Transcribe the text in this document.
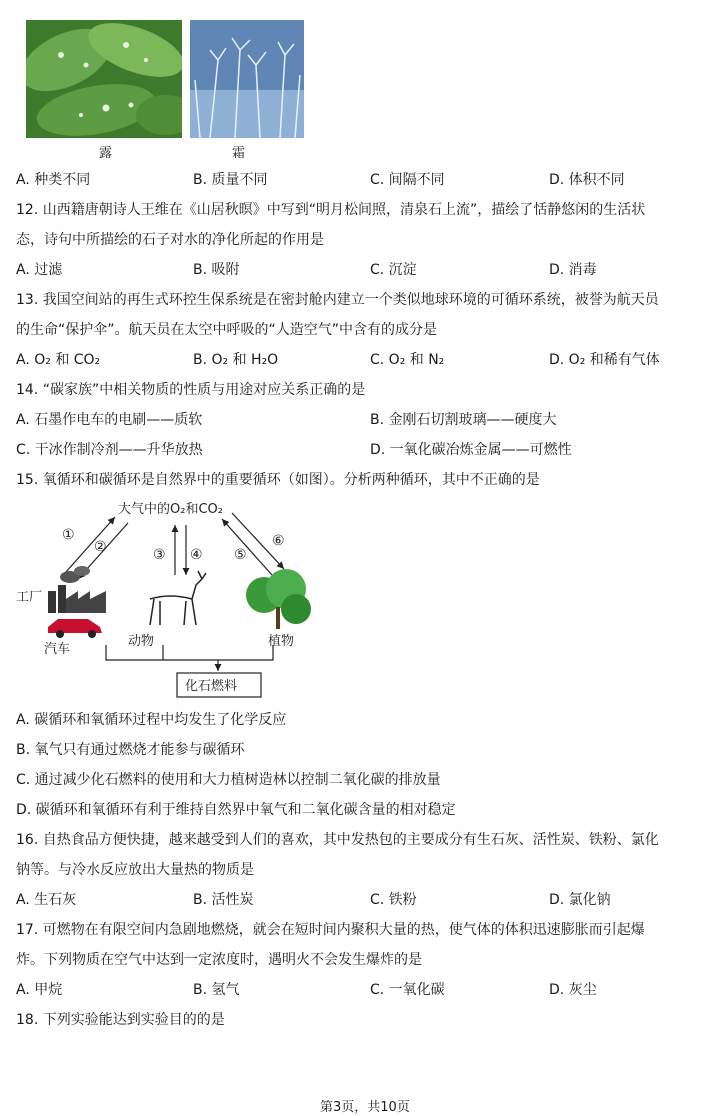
露	霜
A. 种类不同	B. 质量不同	C. 间隔不同	D. 体积不同
12. 山西籍唐朝诗人王维在《山居秋暝》中写到“明月松间照，清泉石上流”，描绘了恬静悠闲的生活状
态，诗句中所描绘的石子对水的净化所起的作用是
A. 过滤	B. 吸附	C. 沉淀	D. 消毒
13. 我国空间站的再生式环控生保系统是在密封舱内建立一个类似地球环境的可循环系统，被誉为航天员
的生命“保护伞”。航天员在太空中呼吸的“人造空气”中含有的成分是
A. O₂ 和 CO₂	B. O₂ 和 H₂O	C. O₂ 和 N₂	D. O₂ 和稀有气体
14. “碳家族”中相关物质的性质与用途对应关系正确的是
A. 石墨作电车的电刷——质软	B. 金刚石切割玻璃——硬度大
C. 干冰作制冷剂——升华放热	D. 一氧化碳冶炼金属——可燃性
15. 氧循环和碳循环是自然界中的重要循环（如图）。分析两种循环，其中不正确的是
大气中的O₂和CO₂
①
②	③ ④ ⑤
⑥
工厂
汽车
动物	植物
化石燃料
A. 碳循环和氧循环过程中均发生了化学反应
B. 氧气只有通过燃烧才能参与碳循环
C. 通过减少化石燃料的使用和大力植树造林以控制二氧化碳的排放量
D. 碳循环和氧循环有利于维持自然界中氧气和二氧化碳含量的相对稳定
16. 自热食品方便快捷，越来越受到人们的喜欢，其中发热包的主要成分有生石灰、活性炭、铁粉、氯化
钠等。与冷水反应放出大量热的物质是
A. 生石灰	B. 活性炭	C. 铁粉	D. 氯化钠
17. 可燃物在有限空间内急剧地燃烧，就会在短时间内聚积大量的热，使气体的体积迅速膨胀而引起爆
炸。下列物质在空气中达到一定浓度时，遇明火不会发生爆炸的是
A. 甲烷	B. 氢气	C. 一氧化碳	D. 灰尘
18. 下列实验能达到实验目的的是
第3页，共10页
